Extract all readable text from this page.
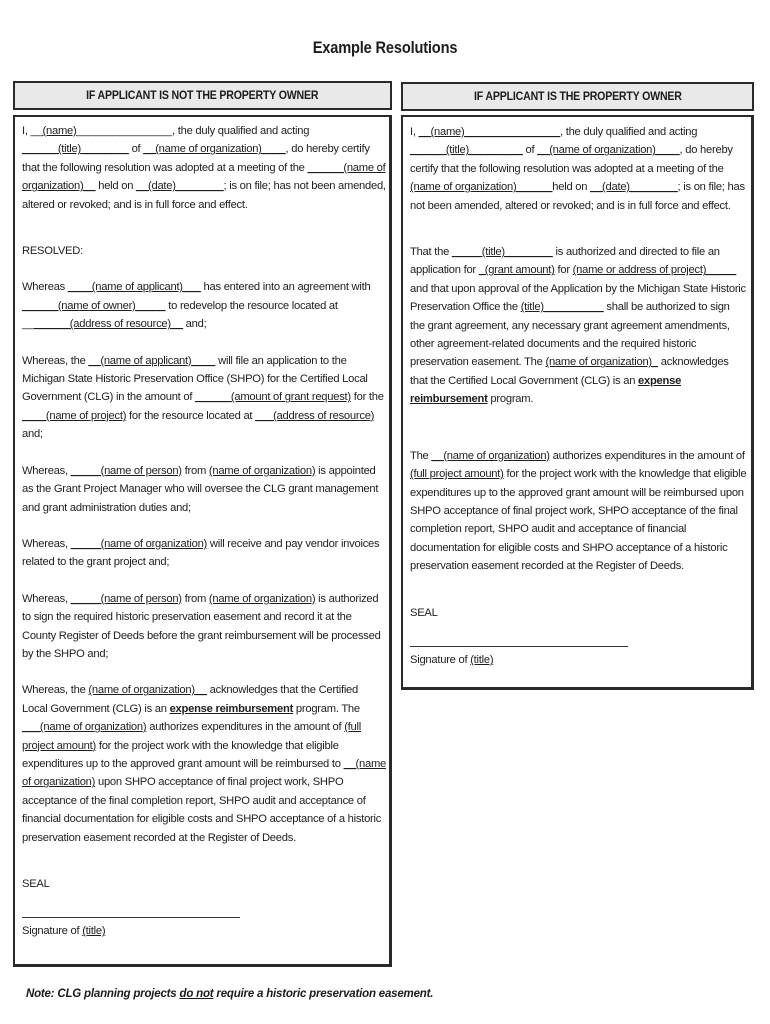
Example Resolutions
IF APPLICANT IS NOT THE PROPERTY OWNER

I, __(name)________________, the duly qualified and acting ______(title)________ of __(name of organization)____, do hereby certify that the following resolution was adopted at a meeting of the ______(name of organization)__ held on __(date)________; is on file; has not been amended, altered or revoked; and is in full force and effect.

RESOLVED:

Whereas ____(name of applicant)___ has entered into an agreement with ______(name of owner)_____ to redevelop the resource located at ________(address of resource)__ and;

Whereas, the __(name of applicant)____ will file an application to the Michigan State Historic Preservation Office (SHPO) for the Certified Local Government (CLG) in the amount of ______(amount of grant request) for the ____(name of project) for the resource located at ___(address of resource) and;

Whereas, _____(name of person) from (name of organization) is appointed as the Grant Project Manager who will oversee the CLG grant management and grant administration duties and;

Whereas, _____(name of organization) will receive and pay vendor invoices related to the grant project and;

Whereas, _____(name of person) from (name of organization) is authorized to sign the required historic preservation easement and record it at the County Register of Deeds before the grant reimbursement will be processed by the SHPO and;

Whereas, the (name of organization)__ acknowledges that the Certified Local Government (CLG) is an expense reimbursement program. The ___(name of organization) authorizes expenditures in the amount of (full project amount) for the project work with the knowledge that eligible expenditures up to the approved grant amount will be reimbursed to __(name of organization) upon SHPO acceptance of final project work, SHPO acceptance of the final completion report, SHPO audit and acceptance of financial documentation for eligible costs and SHPO acceptance of a historic preservation easement recorded at the Register of Deeds.

SEAL

Signature of (title)

IF APPLICANT IS THE PROPERTY OWNER

I, __(name)________________, the duly qualified and acting ______(title)_________ of __(name of organization)____, do hereby certify that the following resolution was adopted at a meeting of the (name of organization)______held on __(date)________; is on file; has not been amended, altered or revoked; and is in full force and effect.

That the _____(title)________ is authorized and directed to file an application for _(grant amount) for (name or address of project)_____ and that upon approval of the Application by the Michigan State Historic Preservation Office the (title)__________ shall be authorized to sign the grant agreement, any necessary grant agreement amendments, other agreement-related documents and the required historic preservation easement. The (name of organization)_ acknowledges that the Certified Local Government (CLG) is an expense reimbursement program.

The __(name of organization) authorizes expenditures in the amount of (full project amount) for the project work with the knowledge that eligible expenditures up to the approved grant amount will be reimbursed upon SHPO acceptance of final project work, SHPO acceptance of the final completion report, SHPO audit and acceptance of financial documentation for eligible costs and SHPO acceptance of a historic preservation easement recorded at the Register of Deeds.

SEAL

Signature of (title)

Note: CLG planning projects do not require a historic preservation easement.
